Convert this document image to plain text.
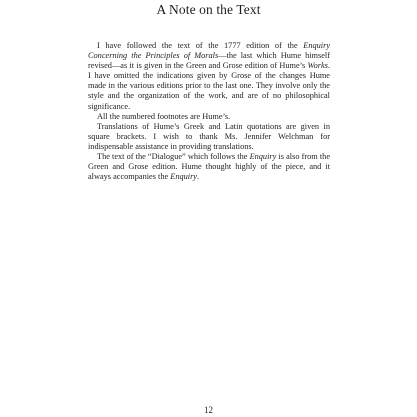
A Note on the Text

I have followed the text of the 1777 edition of the Enquiry Concerning the Principles of Morals—the last which Hume himself revised—as it is given in the Green and Grose edition of Hume’s Works. I have omitted the indications given by Grose of the changes Hume made in the various editions prior to the last one. They involve only the style and the organization of the work, and are of no philosophical significance.

All the numbered footnotes are Hume’s.

Translations of Hume’s Greek and Latin quotations are given in square brackets. I wish to thank Ms. Jennifer Welchman for indispensable assistance in providing translations.

The text of the “Dialogue” which follows the Enquiry is also from the Green and Grose edition. Hume thought highly of the piece, and it always accompanies the Enquiry.

12
